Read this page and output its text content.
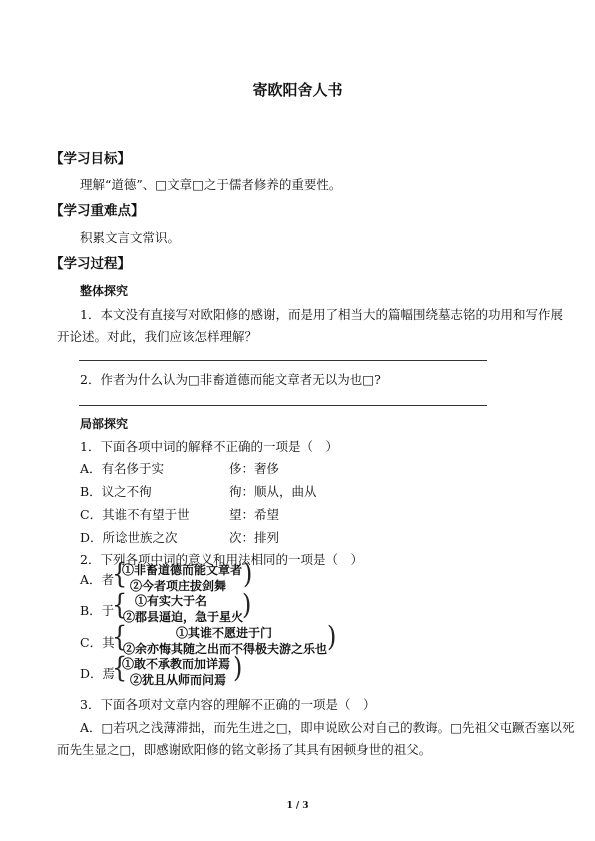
寄欧阳舍人书
【学习目标】
理解“道德”、□文章□之于儒者修养的重要性。
【学习重难点】
积累文言文常识。
【学习过程】
整体探究
1．本文没有直接写对欧阳修的感谢，而是用了相当大的篇幅围绕墓志铭的功用和写作展
开论述。对此，我们应该怎样理解？
2．作者为什么认为□非畜道德而能文章者无以为也□?
局部探究
1．下面各项中词的解释不正确的一项是（　）
A．有名侈于实	侈：奢侈
B．议之不徇	徇：顺从，曲从
C．其谁不有望于世	望：希望
D．所谂世族之次	次：排列
2．下列各项中词的意义和用法相同的一项是（　）
A．者
{
①非畜道德而能文章者
②今者项庄拔剑舞 )
B．于
{ ①有实大于名
②郡县逼迫，急于星火
)
C．其
{	①其谁不愿进于门
②余亦悔其随之出而不得极夫游之乐也 )
D．焉
{
①敢不承教而加详焉
②犹且从师而问焉 )
3．下面各项对文章内容的理解不正确的一项是（　）
A．□若巩之浅薄滞拙，而先生进之□，即申说欧公对自己的教诲。□先祖父屯蹶否塞以死
而先生显之□，即感谢欧阳修的铭文彰扬了其具有困顿身世的祖父。
1 / 3
